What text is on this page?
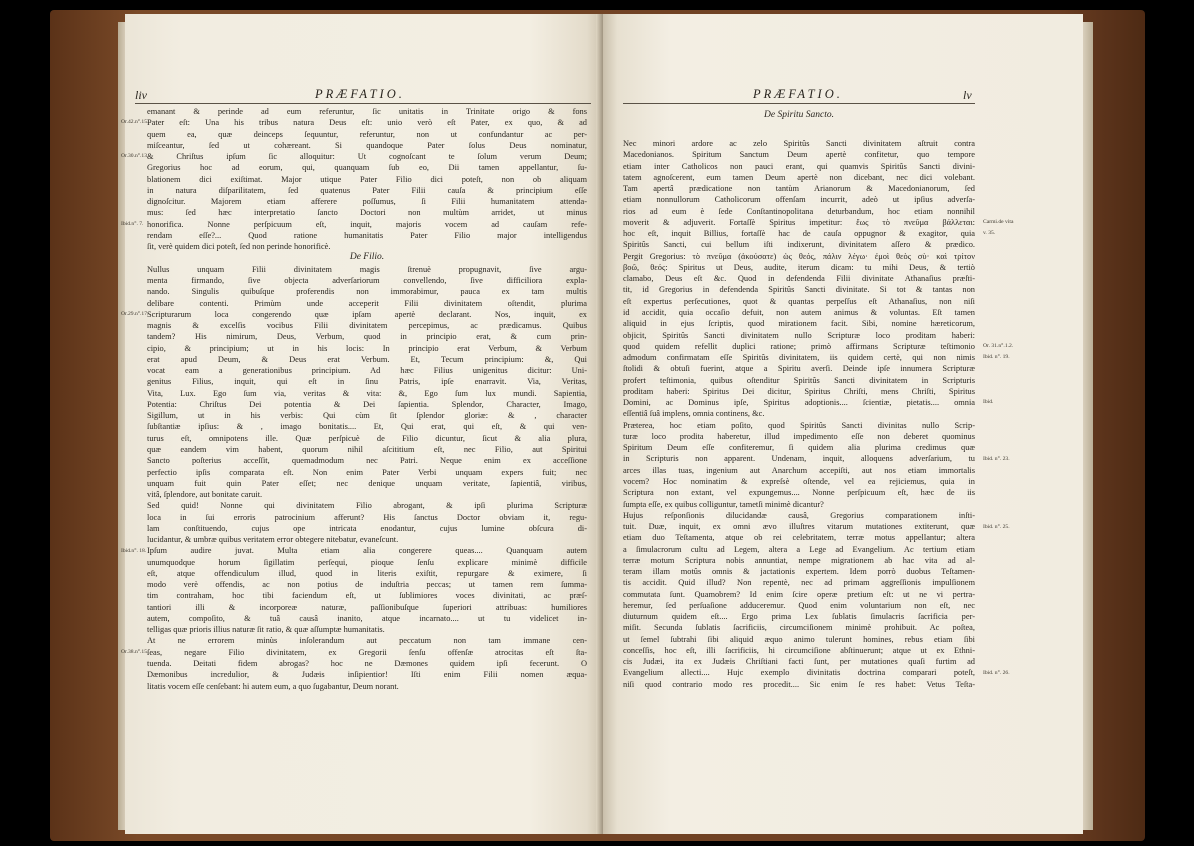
liv	PRÆFATIO.
emanant & perinde ad eum referuntur, ſic unitatis in Trinitate origo & fons
Pater eſt: Una his tribus natura Deus eſt: unio verò eſt Pater, ex quo, & ad
quem ea, quæ deinceps ſequuntur, referuntur, non ut confundantur ac per-
miſceantur, ſed ut cohæreant. Si quandoque Pater ſolus Deus nominatur,
& Chriſtus ipſum ſic alloquitur: Ut cognoſcant te ſolum verum Deum;
Gregorius hoc ad eorum, qui, quanquam ſub eo, Dii tamen appellantur, ſu-
blationem dici exiſtimat. Major utique Pater Filio dici poteſt, non ob aliquam
in natura diſparilitatem, ſed quatenus Pater Filii cauſa & principium eſſe
dignoſcitur. Majorem etiam afferere poſſumus, ſi Filii humanitatem attenda-
mus: ſed hæc interpretatio ſancto Doctori non multùm arridet, ut minus
honorifica. Nonne perſpicuum eſt, inquit, majoris vocem ad cauſam refe-
rendam eſſe?... Quod ratione humanitatis Pater Filio major intelligendus
ſit, verè quidem dici poteſt, ſed non perinde honorificè.
De Filio.
Nullus unquam Filii divinitatem magis ſtrenuè propugnavit, ſive argu-
menta firmando, ſive objecta adverſariorum convellendo, ſive difficiliora expla-
nando. Singulis quibuſque proferendis non immorabimur, pauca ex tam multis
delibare contenti. Primùm unde acceperit Filii divinitatem oſtendit, plurima
Scripturarum loca congerendo quæ ipſam apertè declarant. Nos, inquit, ex
magnis & excelſis vocibus Filii divinitatem percepimus, ac prædicamus. Quibus
tandem? His nimirum, Deus, Verbum, quod in principio erat, & cum prin-
cipio, & principium; ut in his locis: In principio erat Verbum, & Verbum
erat apud Deum, & Deus erat Verbum. Et, Tecum principium: &, Qui
vocat eam a generationibus principium. Ad hæc Filius unigenitus dicitur: Uni-
genitus Filius, inquit, qui eſt in ſinu Patris, ipſe enarravit. Via, Veritas,
Vita, Lux. Ego ſum via, veritas & vita: &, Ego ſum lux mundi. Sapientia,
Potentia: Chriſtus Dei potentia & Dei ſapientia. Splendor, Character, Imago,
Sigillum, ut in his verbis: Qui cùm ſit ſplendor gloriæ: & , character
ſubſtantiæ ipſius: & , imago bonitatis.... Et, Qui erat, qui eſt, & qui ven-
turus eſt, omnipotens ille. Quæ perſpicuè de Filio dicuntur, ſicut & alia plura,
quæ eandem vim habent, quorum nihil aſcititium eſt, nec Filio, aut Spiritui
Sancto poſterius acceſſit, quemadmodum nec Patri. Neque enim ex acceſſione
perfectio ipſis comparata eſt. Non enim Pater Verbi unquam expers fuit; nec
unquam fuit quin Pater eſſet; nec denique unquam veritate, ſapientiâ, viribus,
vitâ, ſplendore, aut bonitate caruit.
Sed quid! Nonne qui divinitatem Filio abrogant, & ipſi plurima Scripturæ
loca in ſui erroris patrocinium afferunt? His ſanctus Doctor obviam it, regu-
lam conſtituendo, cujus ope intricata enodantur, cujus lumine obſcura di-
lucidantur, & umbræ quibus veritatem error obtegere nitebatur, evaneſcunt.
Ipſum audire juvat. Multa etiam alia congerere queas.... Quanquam autem
unumquodque horum ſigillatim perſequi, pioque ſenſu explicare minimè difficile
eſt, atque offendiculum illud, quod in literis exiſtit, repurgare & eximere, ſi
modo verè offendis, ac non potius de induſtria peccas; ut tamen rem ſumma-
tim contraham, hoc tibi faciendum eſt, ut ſublimiores voces divinitati, ac præſ-
tantiori illi & incorporeæ naturæ, paſſionibuſque ſuperiori attribuas: humiliores
autem, compoſito, & tuâ causâ inanito, atque incarnato.... ut tu videlicet in-
telligas quæ prioris illius naturæ ſit ratio, & quæ aſſumptæ humanitatis.
At ne errorem minùs inſolerandum aut peccatum non tam immane cen-
ſeas, negare Filio divinitatem, ex Gregorii ſenſu offenſæ atrocitas eſt ſta-
tuenda. Deitati fidem abrogas? hoc ne Dæmones quidem ipſi fecerunt. O
Dæmonibus incredulior, & Judæis inſipientior! Iſti enim Filii nomen æqua-
litatis vocem eſſe cenſebant: hi autem eum, a quo ſugabantur, Deum norant.
Or.42.n°.15.
Or.30.n°.13.
Ibid.n°. 7.
Or.29.n°.17.
Ibid.n°. 18.
Or.38.n°.15.
PRÆFATIO.	lv
De Spiritu Sancto.
Nec minori ardore ac zelo Spiritûs Sancti divinitatem aſtruit contra
Macedonianos. Spiritum Sanctum Deum apertè confitetur, quo tempore
etiam inter Catholicos non pauci erant, qui quamvis Spiritûs Sancti divini-
tatem agnoſcerent, eum tamen Deum apertè non dicebant, nec dici volebant.
Tam apertâ prædicatione non tantùm Arianorum & Macedonianorum, ſed
etiam nonnullorum Catholicorum offenſam incurrit, adeò ut ipſius adverſa-
rios ad eum è ſede Conſtantinopolitana deturbandum, hoc etiam nonnihil
moverit & adjuverit. Fortaſſè Spiritus impetitur: ἕως τὸ πνεῦμα βάλλεται:
hoc eſt, inquit Billius, fortaſſè hac de cauſa oppugnor & exagitor, quia
Spiritûs Sancti, cui bellum iſti indixerunt, divinitatem aſſero & prædico.
Pergit Gregorius: τὸ πνεῦμα (ἀκούσατε) ὡς θεός, πάλιν λέγω· ἐμοὶ θεὸς σὺ· καὶ τρίτον
βοῶ, θεός: Spiritus ut Deus, audite, iterum dicam: tu mihi Deus, & tertiò
clamabo, Deus eſt &c. Quod in defendenda Filii divinitate Athanaſius præſti-
tit, id Gregorius in defendenda Spiritûs Sancti divinitate. Si tot & tantas non
eſt expertus perſecutiones, quot & quantas perpeſſus eſt Athanaſius, non niſi
id accidit, quia occaſio defuit, non autem animus & voluntas. Eſt tamen
aliquid in ejus ſcriptis, quod mirationem facit. Sibi, nomine hæreticorum,
objicit, Spiritûs Sancti divinitatem nullo Scripturæ loco proditam haberi:
quod quidem refellit duplici ratione; primò affirmans Scripturæ teſtimonio
admodum confirmatam eſſe Spiritûs divinitatem, iis quidem certè, qui non nimis
ſtolidi & obtuſi fuerint, atque a Spiritu averſi. Deinde ipſe innumera Scripturæ
profert teſtimonia, quibus oſtenditur Spiritûs Sancti divinitatem in Scripturis
proditam haberi: Spiritus Dei dicitur, Spiritus Chriſti, mens Chriſti, Spiritus
Domini, ac Dominus ipſe, Spiritus adoptionis.... ſcientiæ, pietatis.... omnia
eſſentiâ ſuâ implens, omnia continens, &c.
Præterea, hoc etiam poſito, quod Spiritûs Sancti divinitas nullo Scrip-
turæ loco prodita haberetur, illud impedimento eſſe non deberet quominus
Spiritum Deum eſſe confiteremur, ſi quidem alia plurima credimus quæ
in Scripturis non apparent. Undenam, inquit, alloquens adverſarium, tu
arces illas tuas, ingenium aut Anarchum accepiſti, aut nos etiam immortalis
vocem? Hoc nominatim & expreſsè oſtende, vel ea rejiciemus, quia in
Scriptura non extant, vel expungemus.... Nonne perſpicuum eſt, hæc de iis
ſumpta eſſe, ex quibus colliguntur, tametſi minimè dicantur?
Hujus reſponſionis dilucidandæ causâ, Gregorius comparationem inſti-
tuit. Duæ, inquit, ex omni ævo illuſtres vitarum mutationes extiterunt, quæ
etiam duo Teſtamenta, atque ob rei celebritatem, terræ motus appellantur; altera
a ſimulacrorum cultu ad Legem, altera a Lege ad Evangelium. Ac tertium etiam
terræ motum Scriptura nobis annuntiat, nempe migrationem ab hac vita ad al-
teram illam motûs omnis & jactationis expertem. Idem porrò duobus Teſtamen-
tis accidit. Quid illud? Non repentè, nec ad primam aggreſſionis impulſionem
commutata ſunt. Quamobrem? Id enim ſcire operæ pretium eſt: ut ne vi pertra-
heremur, ſed perſuaſione adduceremur. Quod enim voluntarium non eſt, nec
diuturnum quidem eſt.... Ergo prima Lex ſublatis ſimulacris ſacrificia per-
miſit. Secunda ſublatis ſacrificiis, circumciſionem minimè prohibuit. Ac poſtea,
ut ſemel ſubtrahi ſibi aliquid æquo animo tulerunt homines, rebus etiam ſibi
conceſſis, hoc eſt, illi ſacrificiis, hi circumciſione abſtinuerunt; atque ut ex Ethni-
cis Judæi, ita ex Judæis Chriſtiani facti ſunt, per mutationes quaſi furtim ad
Evangelium allecti.... Hujc exemplo divinitatis doctrina comparari poteſt,
niſi quod contrario modo res procedit.... Sic enim ſe res habet: Vetus Teſta-
Carmi.de vita
v. 35.
Or. 31.n°.1.2.
Ibid. n°. 19.
Ibid.
Ibid. n°. 23.
Ibid. n°. 25.
Ibid. n°. 26.
